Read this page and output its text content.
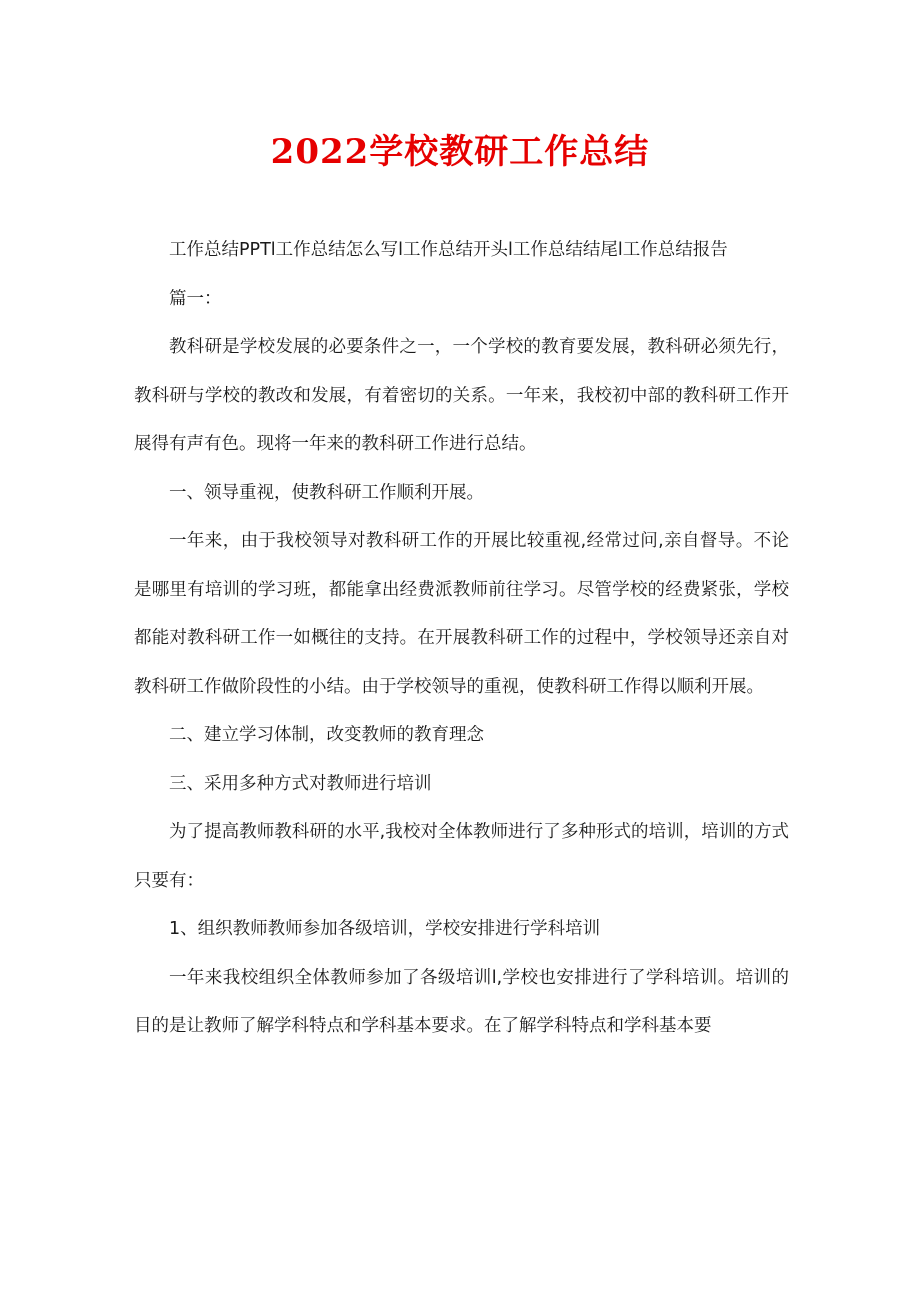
2022学校教研工作总结

工作总结PPTl工作总结怎么写l工作总结开头l工作总结结尾l工作总结报告

篇一：

教科研是学校发展的必要条件之一，一个学校的教育要发展，教科研必须先行，教科研与学校的教改和发展，有着密切的关系。一年来，我校初中部的教科研工作开展得有声有色。现将一年来的教科研工作进行总结。

一、领导重视，使教科研工作顺利开展。

一年来，由于我校领导对教科研工作的开展比较重视,经常过问,亲自督导。不论是哪里有培训的学习班，都能拿出经费派教师前往学习。尽管学校的经费紧张，学校都能对教科研工作一如概往的支持。在开展教科研工作的过程中，学校领导还亲自对教科研工作做阶段性的小结。由于学校领导的重视，使教科研工作得以顺利开展。

二、建立学习体制，改变教师的教育理念

三、采用多种方式对教师进行培训

为了提高教师教科研的水平,我校对全体教师进行了多种形式的培训，培训的方式只要有：

1、组织教师教师参加各级培训，学校安排进行学科培训

一年来我校组织全体教师参加了各级培训l,学校也安排进行了学科培训。培训的目的是让教师了解学科特点和学科基本要求。在了解学科特点和学科基本要
